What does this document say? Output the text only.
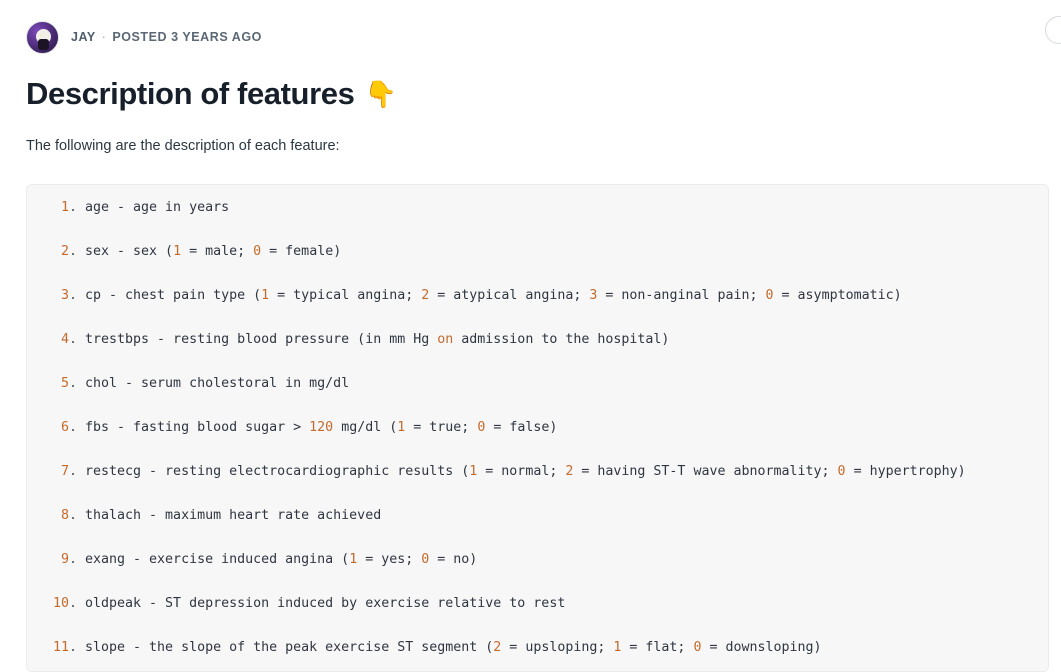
JAY · POSTED 3 YEARS AGO
Description of features 👇

The following are the description of each feature:

1. age - age in years
2. sex - sex (1 = male; 0 = female)
3. cp - chest pain type (1 = typical angina; 2 = atypical angina; 3 = non-anginal pain; 0 = asymptomatic)
4. trestbps - resting blood pressure (in mm Hg on admission to the hospital)
5. chol - serum cholestoral in mg/dl
6. fbs - fasting blood sugar > 120 mg/dl (1 = true; 0 = false)
7. restecg - resting electrocardiographic results (1 = normal; 2 = having ST-T wave abnormality; 0 = hypertrophy)
8. thalach - maximum heart rate achieved
9. exang - exercise induced angina (1 = yes; 0 = no)
10. oldpeak - ST depression induced by exercise relative to rest
11. slope - the slope of the peak exercise ST segment (2 = upsloping; 1 = flat; 0 = downsloping)
